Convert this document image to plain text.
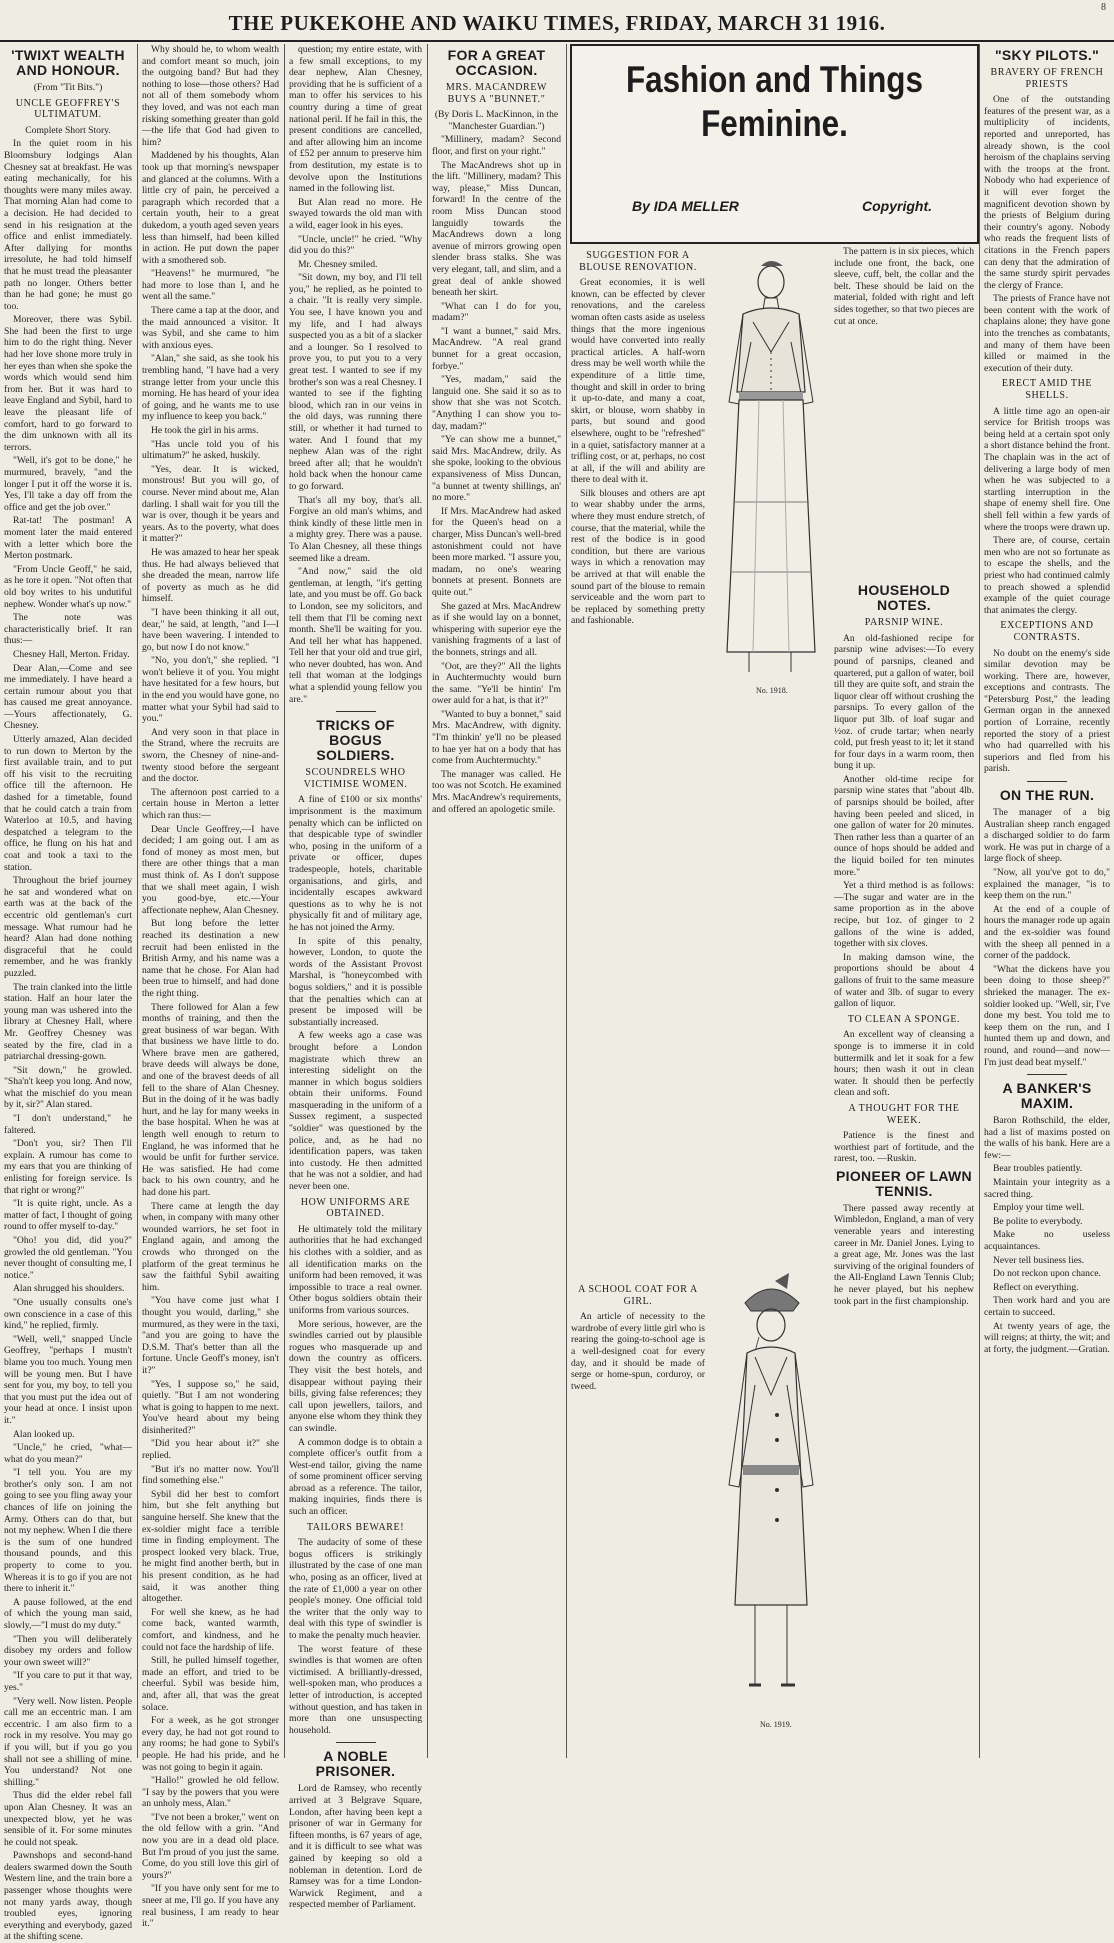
THE PUKEKOHE AND WAIKU TIMES, FRIDAY, MARCH 31 1916.
8
'TWIXT WEALTH AND HONOUR.

(From "Tit Bits.")

UNCLE GEOFFREY'S ULTIMATUM.

Complete Short Story.

In the quiet room in his Bloomsbury lodgings Alan Chesney sat at breakfast. He was eating mechanically, for his thoughts were many miles away. That morning Alan had come to a decision. He had decided to send in his resignation at the office and enlist immediately. After dallying for months irresolute, he had told himself that he must tread the pleasanter path no longer. Others better than he had gone; he must go too.

Moreover, there was Sybil. She had been the first to urge him to do the right thing. Never had her love shone more truly in her eyes than when she spoke the words which would send him from her. But it was hard to leave England and Sybil, hard to leave the pleasant life of comfort, hard to go forward to the dim unknown with all its terrors.

"Well, it's got to be done," he murmured, bravely, "and the longer I put it off the worse it is. Yes, I'll take a day off from the office and get the job over."

Rat-tat! The postman! A moment later the maid entered with a letter which bore the Merton postmark.

"From Uncle Geoff," he said, as he tore it open. "Not often that old boy writes to his undutiful nephew. Wonder what's up now."

The note was characteristically brief. It ran thus:—

Chesney Hall, Merton. Friday.

Dear Alan,—Come and see me immediately. I have heard a certain rumour about you that has caused me great annoyance. —Yours affectionately, G. Chesney.

Utterly amazed, Alan decided to run down to Merton by the first available train, and to put off his visit to the recruiting office till the afternoon. He dashed for a timetable, found that he could catch a train from Waterloo at 10.5, and having despatched a telegram to the office, he flung on his hat and coat and took a taxi to the station.

Throughout the brief journey he sat and wondered what on earth was at the back of the eccentric old gentleman's curt message. What rumour had he heard? Alan had done nothing disgraceful that he could remember, and he was frankly puzzled.

The train clanked into the little station. Half an hour later the young man was ushered into the library at Chesney Hall, where Mr. Geoffrey Chesney was seated by the fire, clad in a patriarchal dressing-gown.

"Sit down," he growled. "Sha'n't keep you long. And now, what the mischief do you mean by it, sir?" Alan stared.

"I don't understand," he faltered.

"Don't you, sir? Then I'll explain. A rumour has come to my ears that you are thinking of enlisting for foreign service. Is that right or wrong?"

"It is quite right, uncle. As a matter of fact, I thought of going round to offer myself to-day."

"Oho! you did, did you?" growled the old gentleman. "You never thought of consulting me, I notice."

Alan shrugged his shoulders.

"One usually consults one's own conscience in a case of this kind," he replied, firmly.

"Well, well," snapped Uncle Geoffrey, "perhaps I mustn't blame you too much. Young men will be young men. But I have sent for you, my boy, to tell you that you must put the idea out of your head at once. I insist upon it."

Alan looked up.

"Uncle," he cried, "what—what do you mean?"

"I tell you. You are my brother's only son. I am not going to see you fling away your chances of life on joining the Army. Others can do that, but not my nephew. When I die there is the sum of one hundred thousand pounds, and this property to come to you. Whereas it is to go if you are not there to inherit it."

A pause followed, at the end of which the young man said, slowly,—"I must do my duty."

"Then you will deliberately disobey my orders and follow your own sweet will?"

"If you care to put it that way, yes."

"Very well. Now listen. People call me an eccentric man. I am eccentric. I am also firm to a rock in my resolve. You may go if you will, but if you go you shall not see a shilling of mine. You understand? Not one shilling."

Thus did the elder rebel fall upon Alan Chesney. It was an unexpected blow, yet he was sensible of it. For some minutes he could not speak.

Pawnshops and second-hand dealers swarmed down the South Western line, and the train bore a passenger whose thoughts were not many yards away, though troubled eyes, ignoring everything and everybody, gazed at the shifting scene.

Why should he, to whom wealth and comfort meant so much, join the outgoing band? But had they nothing to lose—those others? Had not all of them somebody whom they loved, and was not each man risking something greater than gold—the life that God had given to him?

Maddened by his thoughts, Alan took up that morning's newspaper and glanced at the columns. With a little cry of pain, he perceived a paragraph which recorded that a certain youth, heir to a great dukedom, a youth aged seven years less than himself, had been killed in action. He put down the paper with a smothered sob.

"Heavens!" he murmured, "he had more to lose than I, and he went all the same."

There came a tap at the door, and the maid announced a visitor. It was Sybil, and she came to him with anxious eyes.

"Alan," she said, as she took his trembling hand, "I have had a very strange letter from your uncle this morning. He has heard of your idea of going, and he wants me to use my influence to keep you back."

He took the girl in his arms.

"Has uncle told you of his ultimatum?" he asked, huskily.

"Yes, dear. It is wicked, monstrous! But you will go, of course. Never mind about me, Alan darling. I shall wait for you till the war is over, though it be years and years. As to the poverty, what does it matter?"

He was amazed to hear her speak thus. He had always believed that she dreaded the mean, narrow life of poverty as much as he did himself.

"I have been thinking it all out, dear," he said, at length, "and I—I have been wavering. I intended to go, but now I do not know."

"No, you don't," she replied. "I won't believe it of you. You might have hesitated for a few hours, but in the end you would have gone, no matter what your Sybil had said to you."

And very soon in that place in the Strand, where the recruits are sworn, the Chesney of nine-and-twenty stood before the sergeant and the doctor.

The afternoon post carried to a certain house in Merton a letter which ran thus:—

Dear Uncle Geoffrey,—I have decided; I am going out. I am as fond of money as most men, but there are other things that a man must think of. As I don't suppose that we shall meet again, I wish you good-bye, etc.—Your affectionate nephew, Alan Chesney.

But long before the letter reached its destination a new recruit had been enlisted in the British Army, and his name was a name that he chose. For Alan had been true to himself, and had done the right thing.

There followed for Alan a few months of training, and then the great business of war began. With that business we have little to do. Where brave men are gathered, brave deeds will always be done, and one of the bravest deeds of all fell to the share of Alan Chesney. But in the doing of it he was badly hurt, and he lay for many weeks in the base hospital. When he was at length well enough to return to England, he was informed that he would be unfit for further service. He was satisfied. He had come back to his own country, and he had done his part.

There came at length the day when, in company with many other wounded warriors, he set foot in England again, and among the crowds who thronged on the platform of the great terminus he saw the faithful Sybil awaiting him.

"You have come just what I thought you would, darling," she murmured, as they were in the taxi, "and you are going to have the D.S.M. That's better than all the fortune. Uncle Geoff's money, isn't it?"

"Yes, I suppose so," he said, quietly. "But I am not wondering what is going to happen to me next. You've heard about my being disinherited?"

"Did you hear about it?" she replied.

"But it's no matter now. You'll find something else."

Sybil did her best to comfort him, but she felt anything but sanguine herself. She knew that the ex-soldier might face a terrible time in finding employment. The prospect looked very black. True, he might find another berth, but in his present condition, as he had said, it was another thing altogether.

For well she knew, as he had come back, wanted warmth, comfort, and kindness, and he could not face the hardship of life.

Still, he pulled himself together, made an effort, and tried to be cheerful. Sybil was beside him, and, after all, that was the great solace.

For a week, as he got stronger every day, he had not got round to any rooms; he had gone to Sybil's people. He had his pride, and he was not going to begin it again.

"Hallo!" growled he old fellow. "I say by the powers that you were an unholy mess, Alan."

"I've not been a broker," went on the old fellow with a grin. "And now you are in a dead old place. But I'm proud of you just the same. Come, do you still love this girl of yours?"

"If you have only sent for me to sneer at me, I'll go. If you have any real business, I am ready to hear it."

question; my entire estate, with a few small exceptions, to my dear nephew, Alan Chesney, providing that he is sufficient of a man to offer his services to his country during a time of great national peril. If he fail in this, the present conditions are cancelled, and after allowing him an income of £52 per annum to preserve him from destitution, my estate is to devolve upon the Institutions named in the following list.

But Alan read no more. He swayed towards the old man with a wild, eager look in his eyes.

"Uncle, uncle!" he cried. "Why did you do this?"

Mr. Chesney smiled.

"Sit down, my boy, and I'll tell you," he replied, as he pointed to a chair. "It is really very simple. You see, I have known you and my life, and I had always suspected you as a bit of a slacker and a lounger. So I resolved to prove you, to put you to a very great test. I wanted to see if my brother's son was a real Chesney. I wanted to see if the fighting blood, which ran in our veins in the old days, was running there still, or whether it had turned to water. And I found that my nephew Alan was of the right breed after all; that he wouldn't hold back when the honour came to go forward.

That's all my boy, that's all. Forgive an old man's whims, and think kindly of these little men in a mighty grey. There was a pause. To Alan Chesney, all these things seemed like a dream.

"And now," said the old gentleman, at length, "it's getting late, and you must be off. Go back to London, see my solicitors, and tell them that I'll be coming next month. She'll be waiting for you. And tell her what has happened. Tell her that your old and true girl, who never doubted, has won. And tell that woman at the lodgings what a splendid young fellow you are."

TRICKS OF BOGUS SOLDIERS.
SCOUNDRELS WHO VICTIMISE WOMEN.

A fine of £100 or six months' imprisonment is the maximum penalty which can be inflicted on that despicable type of swindler who, posing in the uniform of a private or officer, dupes tradespeople, hotels, charitable organisations, and girls, and incidentally escapes awkward questions as to why he is not physically fit and of military age, he has not joined the Army.

In spite of this penalty, however, London, to quote the words of the Assistant Provost Marshal, is "honeycombed with bogus soldiers," and it is possible that the penalties which can at present be imposed will be substantially increased.

A few weeks ago a case was brought before a London magistrate which threw an interesting sidelight on the manner in which bogus soldiers obtain their uniforms. Found masquerading in the uniform of a Sussex regiment, a suspected "soldier" was questioned by the police, and, as he had no identification papers, was taken into custody. He then admitted that he was not a soldier, and had never been one.

HOW UNIFORMS ARE OBTAINED.

He ultimately told the military authorities that he had exchanged his clothes with a soldier, and as all identification marks on the uniform had been removed, it was impossible to trace a real owner. Other bogus soldiers obtain their uniforms from various sources.

More serious, however, are the swindles carried out by plausible rogues who masquerade up and down the country as officers. They visit the best hotels, and disappear without paying their bills, giving false references; they call upon jewellers, tailors, and anyone else whom they think they can swindle.

A common dodge is to obtain a complete officer's outfit from a West-end tailor, giving the name of some prominent officer serving abroad as a reference. The tailor, making inquiries, finds there is such an officer.

TAILORS BEWARE!

The audacity of some of these bogus officers is strikingly illustrated by the case of one man who, posing as an officer, lived at the rate of £1,000 a year on other people's money. One official told the writer that the only way to deal with this type of swindler is to make the penalty much heavier.

The worst feature of these swindles is that women are often victimised. A brilliantly-dressed, well-spoken man, who produces a letter of introduction, is accepted without question, and has taken in more than one unsuspecting household.

A NOBLE PRISONER.

Lord de Ramsey, who recently arrived at 3 Belgrave Square, London, after having been kept a prisoner of war in Germany for fifteen months, is 67 years of age, and it is difficult to see what was gained by keeping so old a nobleman in detention. Lord de Ramsey was for a time London-Warwick Regiment, and a respected member of Parliament.

FOR A GREAT OCCASION.
MRS. MACANDREW BUYS A "BUNNET."

(By Doris L. MacKinnon, in the "Manchester Guardian.")

"Millinery, madam? Second floor, and first on your right."

The MacAndrews shot up in the lift. "Millinery, madam? This way, please," Miss Duncan, forward! In the centre of the room Miss Duncan stood languidly towards the MacAndrews down a long avenue of mirrors growing open slender brass stalks. She was very elegant, tall, and slim, and a great deal of ankle showed beneath her skirt.

"What can I do for you, madam?"

"I want a bunnet," said Mrs. MacAndrew. "A real grand bunnet for a great occasion, forbye."

"Yes, madam," said the languid one. She said it so as to show that she was not Scotch. "Anything I can show you to-day, madam?"

"Ye can show me a bunnet," said Mrs. MacAndrew, drily. As she spoke, looking to the obvious expansiveness of Miss Duncan, "a bunnet at twenty shillings, an' no more."

If Mrs. MacAndrew had asked for the Queen's head on a charger, Miss Duncan's well-bred astonishment could not have been more marked. "I assure you, madam, no one's wearing bonnets at present. Bonnets are quite out."

She gazed at Mrs. MacAndrew as if she would lay on a bonnet, whispering with superior eye the vanishing fragments of a last of the bonnets, strings and all.

"Oot, are they?" All the lights in Auchtermuchty would burn the same. "Ye'll be hintin' I'm ower auld for a hat, is that it?"

"Wanted to buy a bonnet," said Mrs. MacAndrew, with dignity. "I'm thinkin' ye'll no be pleased to hae yer hat on a body that has come from Auchtermuchty."

The manager was called. He too was not Scotch. He examined Mrs. MacAndrew's requirements, and offered an apologetic smile.

Fashion and Things Feminine.
By IDA MELLER	Copyright.
SUGGESTION FOR A BLOUSE RENOVATION.

Great economies, it is well known, can be effected by clever renovations, and the careless woman often casts aside as useless things that the more ingenious would have converted into really practical articles. A half-worn dress may be well worth while the expenditure of a little time, thought and skill in order to bring it up-to-date, and many a coat, skirt, or blouse, worn shabby in parts, but sound and good elsewhere, ought to be "refreshed" in a quiet, satisfactory manner at a trifling cost, or at, perhaps, no cost at all, if the will and ability are there to deal with it.

Silk blouses and others are apt to wear shabby under the arms, where they must endure stretch, of course, that the material, while the rest of the bodice is in good condition, but there are various ways in which a renovation may be arrived at that will enable the sound part of the blouse to remain serviceable and the worn part to be replaced by something pretty and fashionable.

No. 1918.

The pattern is in six pieces, which include one front, the back, one sleeve, cuff, belt, the collar and the belt. These should be laid on the material, folded with right and left sides together, so that two pieces are cut at once.

HOUSEHOLD NOTES.
PARSNIP WINE.

An old-fashioned recipe for parsnip wine advises:—To every pound of parsnips, cleaned and quartered, put a gallon of water, boil till they are quite soft, and strain the liquor clear off without crushing the parsnips. To every gallon of the liquor put 3lb. of loaf sugar and ½oz. of crude tartar; when nearly cold, put fresh yeast to it; let it stand for four days in a warm room, then bung it up.

Another old-time recipe for parsnip wine states that "about 4lb. of parsnips should be boiled, after having been peeled and sliced, in one gallon of water for 20 minutes. Then rather less than a quarter of an ounce of hops should be added and the liquid boiled for ten minutes more."

Yet a third method is as follows:—The sugar and water are in the same proportion as in the above recipe, but 1oz. of ginger to 2 gallons of the wine is added, together with six cloves.

In making damson wine, the proportions should be about 4 gallons of fruit to the same measure of water and 3lb. of sugar to every gallon of liquor.

TO CLEAN A SPONGE.

An excellent way of cleansing a sponge is to immerse it in cold buttermilk and let it soak for a few hours; then wash it out in clean water. It should then be perfectly clean and soft.

A THOUGHT FOR THE WEEK.

Patience is the finest and worthiest part of fortitude, and the rarest, too. —Ruskin.

PIONEER OF LAWN TENNIS.

There passed away recently at Wimbledon, England, a man of very venerable years and interesting career in Mr. Daniel Jones. Lying to a great age, Mr. Jones was the last surviving of the original founders of the All-England Lawn Tennis Club; he never played, but his nephew took part in the first championship.

No. 1919.
A SCHOOL COAT FOR A GIRL.

An article of necessity to the wardrobe of every little girl who is rearing the going-to-school age is a well-designed coat for every day, and it should be made of serge or home-spun, corduroy, or tweed.

"SKY PILOTS."
BRAVERY OF FRENCH PRIESTS

One of the outstanding features of the present war, as a multiplicity of incidents, reported and unreported, has already shown, is the cool heroism of the chaplains serving with the troops at the front. Nobody who had experience of it will ever forget the magnificent devotion shown by the priests of Belgium during their country's agony. Nobody who reads the frequent lists of citations in the French papers can deny that the admiration of the same sturdy spirit pervades the clergy of France.

The priests of France have not been content with the work of chaplains alone; they have gone into the trenches as combatants, and many of them have been killed or maimed in the execution of their duty.

ERECT AMID THE SHELLS.

A little time ago an open-air service for British troops was being held at a certain spot only a short distance behind the front. The chaplain was in the act of delivering a large body of men when he was subjected to a startling interruption in the shape of enemy shell fire. One shell fell within a few yards of where the troops were drawn up.

There are, of course, certain men who are not so fortunate as to escape the shells, and the priest who had continued calmly to preach showed a splendid example of the quiet courage that animates the clergy.

EXCEPTIONS AND CONTRASTS.

No doubt on the enemy's side similar devotion may be working. There are, however, exceptions and contrasts. The "Petersburg Post," the leading German organ in the annexed portion of Lorraine, recently reported the story of a priest who had quarrelled with his superiors and fled from his parish.

ON THE RUN.

The manager of a big Australian sheep ranch engaged a discharged soldier to do farm work. He was put in charge of a large flock of sheep.

"Now, all you've got to do," explained the manager, "is to keep them on the run."

At the end of a couple of hours the manager rode up again and the ex-soldier was found with the sheep all penned in a corner of the paddock.

"What the dickens have you been doing to those sheep?" shrieked the manager. The ex-soldier looked up. "Well, sir, I've done my best. You told me to keep them on the run, and I hunted them up and down, and round, and round—and now—I'm just dead beat myself."

A BANKER'S MAXIM.

Baron Rothschild, the elder, had a list of maxims posted on the walls of his bank. Here are a few:—

Bear troubles patiently.

Maintain your integrity as a sacred thing.

Employ your time well.

Be polite to everybody.

Make no useless acquaintances.

Never tell business lies.

Do not reckon upon chance.

Reflect on everything.

Then work hard and you are certain to succeed.

At twenty years of age, the will reigns; at thirty, the wit; and at forty, the judgment.—Gratian.
